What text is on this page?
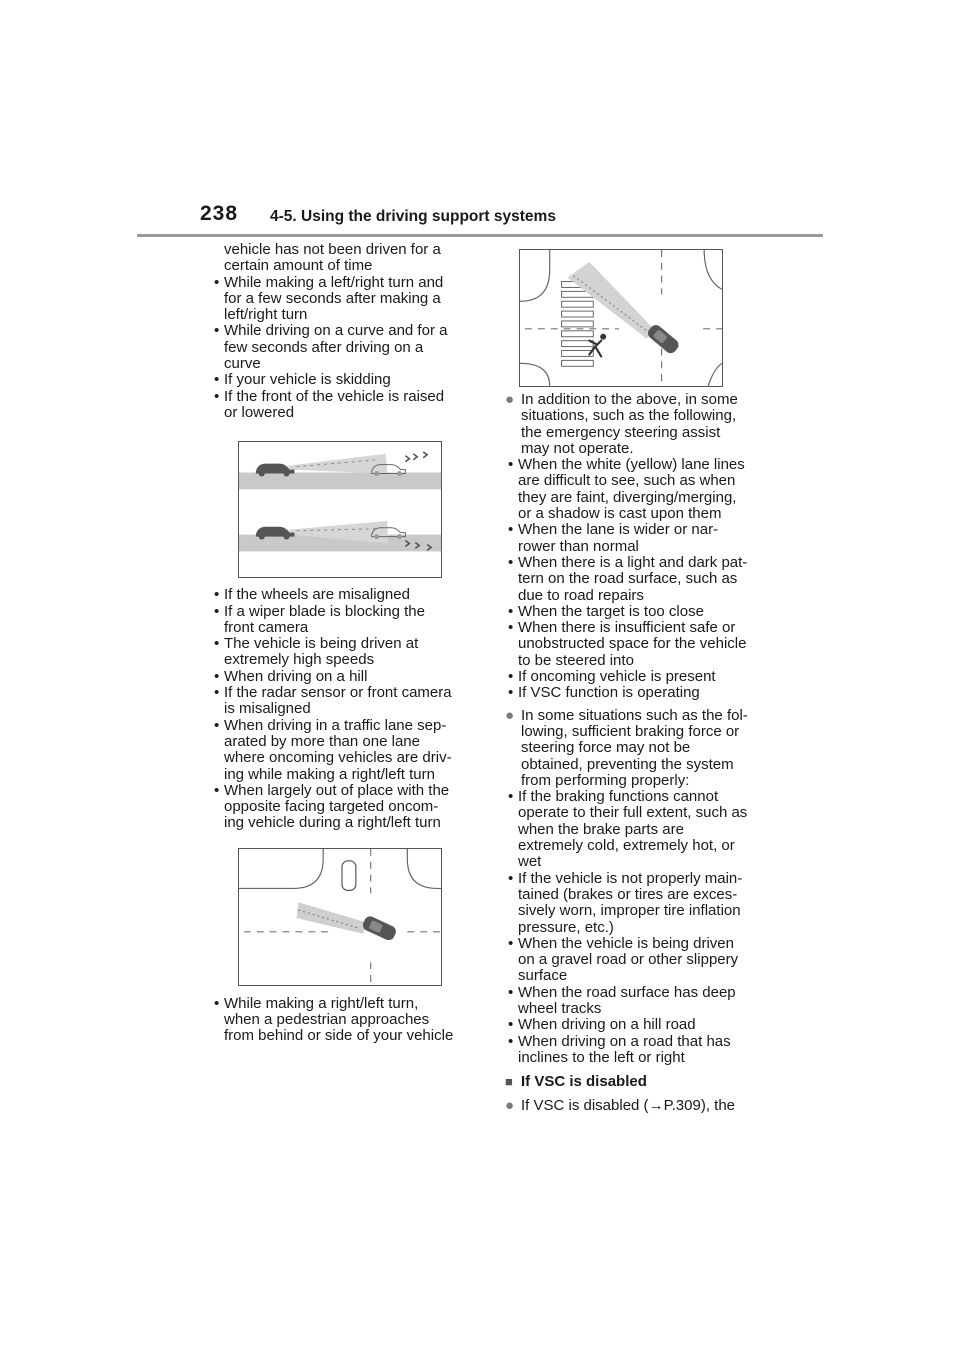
238 4-5. Using the driving support systems
vehicle has not been driven for a
certain amount of time
• While making a left/right turn and
for a few seconds after making a
left/right turn
• While driving on a curve and for a
few seconds after driving on a
curve
• If your vehicle is skidding
• If the front of the vehicle is raised
or lowered
• If the wheels are misaligned
• If a wiper blade is blocking the
front camera
• The vehicle is being driven at
extremely high speeds
• When driving on a hill
• If the radar sensor or front camera
is misaligned
• When driving in a traffic lane sep-
arated by more than one lane
where oncoming vehicles are driv-
ing while making a right/left turn
• When largely out of place with the
opposite facing targeted oncom-
ing vehicle during a right/left turn
• While making a right/left turn,
when a pedestrian approaches
from behind or side of your vehicle
● In addition to the above, in some
situations, such as the following,
the emergency steering assist
may not operate.
• When the white (yellow) lane lines
are difficult to see, such as when
they are faint, diverging/merging,
or a shadow is cast upon them
• When the lane is wider or nar-
rower than normal
• When there is a light and dark pat-
tern on the road surface, such as
due to road repairs
• When the target is too close
• When there is insufficient safe or
unobstructed space for the vehicle
to be steered into
• If oncoming vehicle is present
• If VSC function is operating
● In some situations such as the fol-
lowing, sufficient braking force or
steering force may not be
obtained, preventing the system
from performing properly:
• If the braking functions cannot
operate to their full extent, such as
when the brake parts are
extremely cold, extremely hot, or
wet
• If the vehicle is not properly main-
tained (brakes or tires are exces-
sively worn, improper tire inflation
pressure, etc.)
• When the vehicle is being driven
on a gravel road or other slippery
surface
• When the road surface has deep
wheel tracks
• When driving on a hill road
• When driving on a road that has
inclines to the left or right
■ If VSC is disabled
● If VSC is disabled (→P.309), the
